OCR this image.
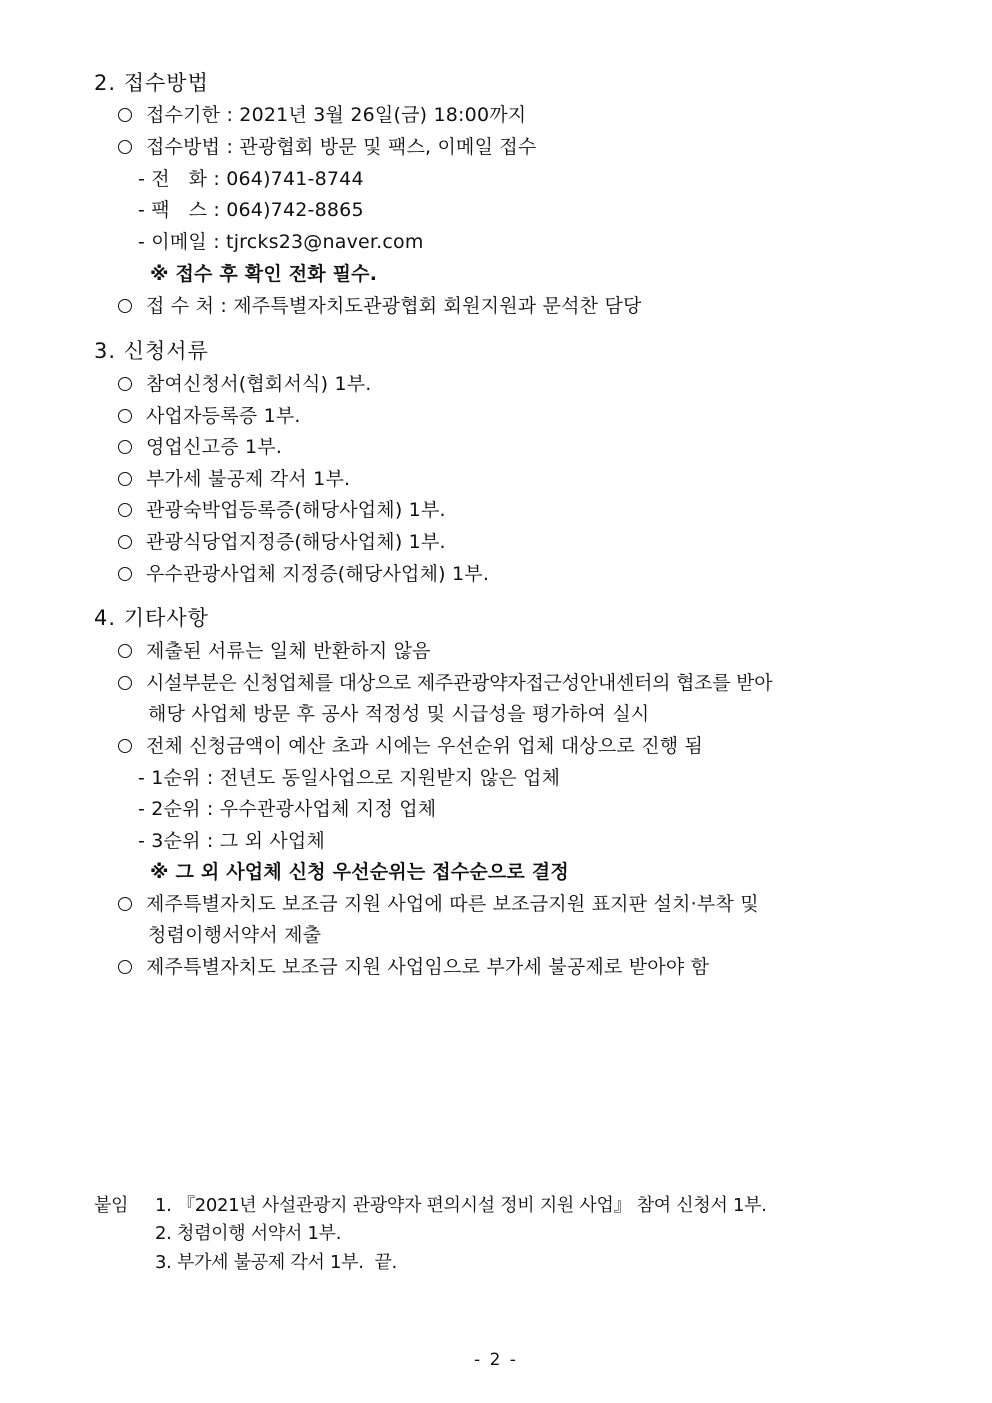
2. 접수방법
접수기한 : 2021년 3월 26일(금) 18:00까지
접수방법 : 관광협회 방문 및 팩스, 이메일 접수
- 전   화 : 064)741-8744
- 팩   스 : 064)742-8865
- 이메일 : tjrcks23@naver.com
※ 접수 후 확인 전화 필수.
접 수 처 : 제주특별자치도관광협회 회원지원과 문석찬 담당
3. 신청서류
참여신청서(협회서식) 1부.
사업자등록증 1부.
영업신고증 1부.
부가세 불공제 각서 1부.
관광숙박업등록증(해당사업체) 1부.
관광식당업지정증(해당사업체) 1부.
우수관광사업체 지정증(해당사업체) 1부.
4. 기타사항
제출된 서류는 일체 반환하지 않음
시설부분은 신청업체를 대상으로 제주관광약자접근성안내센터의 협조를 받아
해당 사업체 방문 후 공사 적정성 및 시급성을 평가하여 실시
전체 신청금액이 예산 초과 시에는 우선순위 업체 대상으로 진행 됨
- 1순위 : 전년도 동일사업으로 지원받지 않은 업체
- 2순위 : 우수관광사업체 지정 업체
- 3순위 : 그 외 사업체
※ 그 외 사업체 신청 우선순위는 접수순으로 결정
제주특별자치도 보조금 지원 사업에 따른 보조금지원 표지판 설치·부착 및
청렴이행서약서 제출
제주특별자치도 보조금 지원 사업임으로 부가세 불공제로 받아야 함
붙임 1. 『2021년 사설관광지 관광약자 편의시설 정비 지원 사업』 참여 신청서 1부.
2. 청렴이행 서약서 1부.
3. 부가세 불공제 각서 1부.  끝.
- 2 -
